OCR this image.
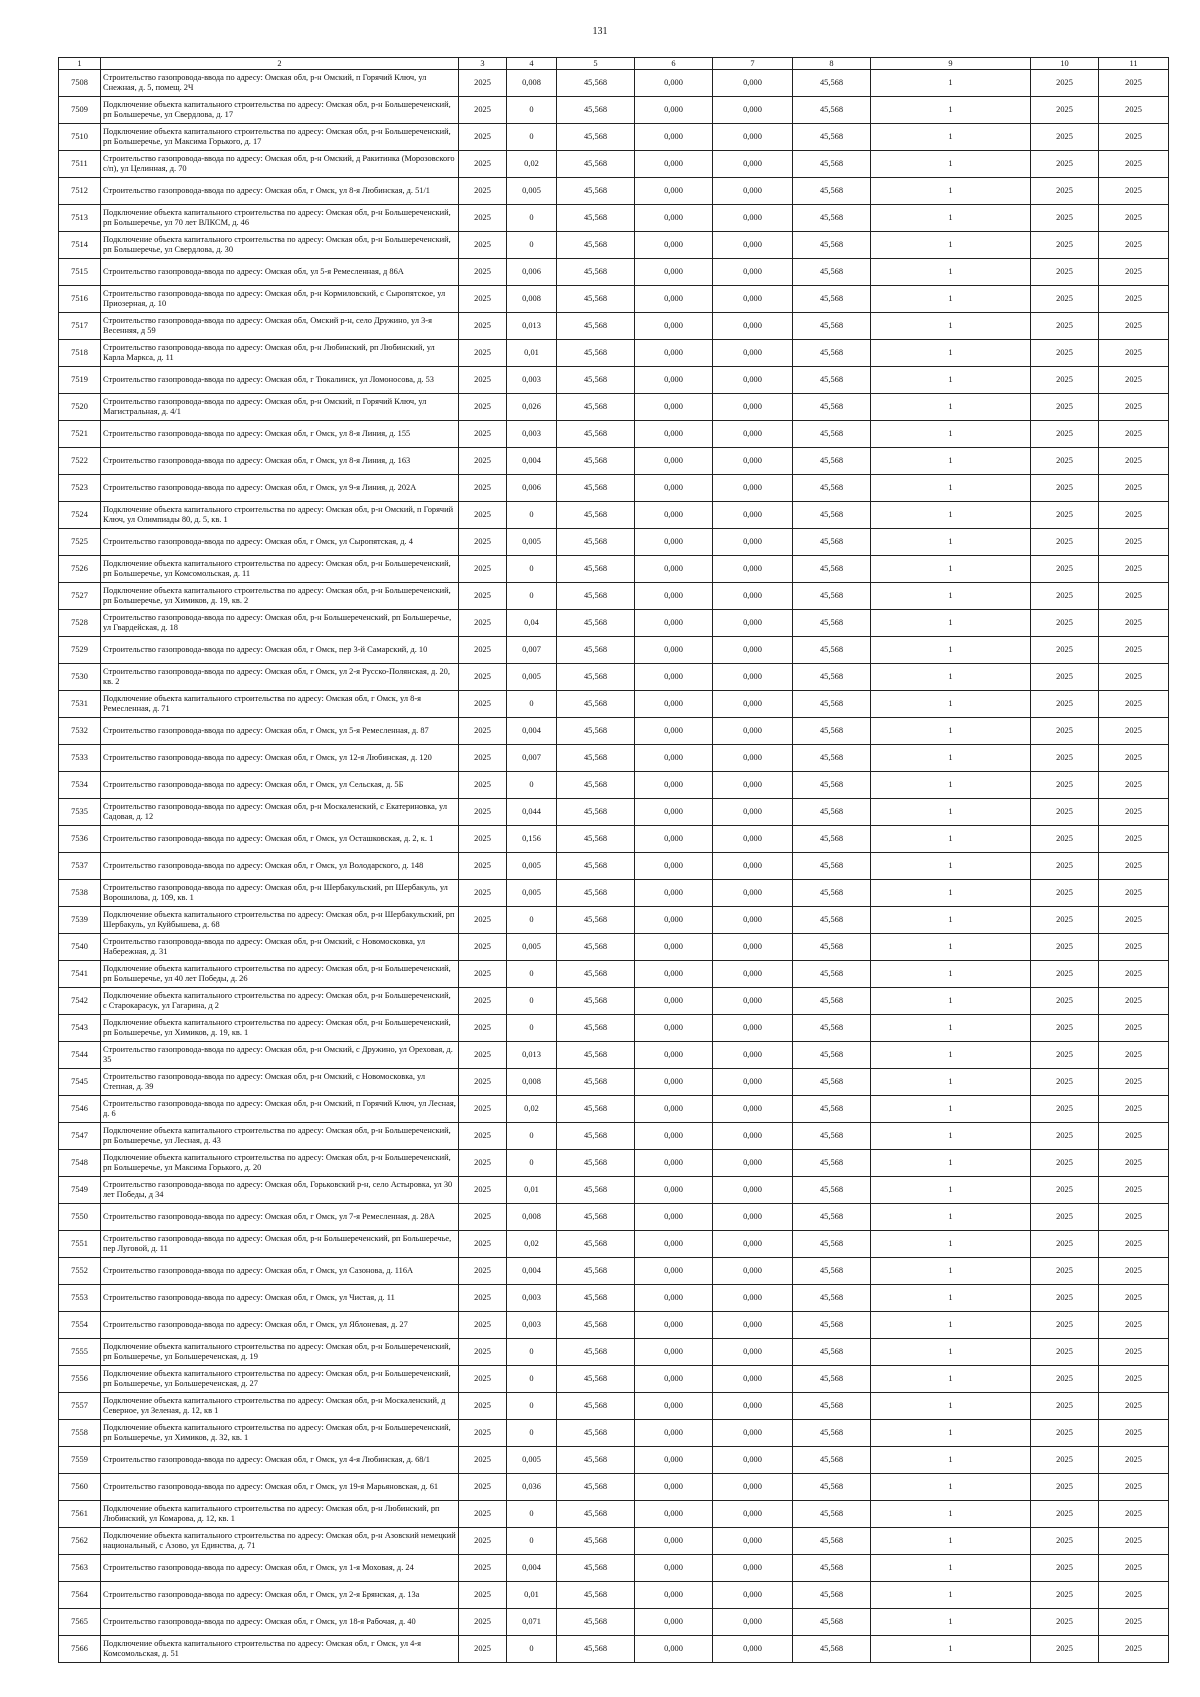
131
1	2	3	4	5	6	7	8	9	10	11
7508	Строительство газопровода-ввода по адресу: Омская обл, р-н Омский, п Горячий Ключ, ул Снежная, д. 5, помещ. 2Ч	2025	0,008	45,568	0,000	0,000	45,568	1	2025	2025
7509	Подключение объекта капитального строительства по адресу: Омская обл, р-н Большереченский, рп Большеречье, ул Свердлова, д. 17	2025	0	45,568	0,000	0,000	45,568	1	2025	2025
7510	Подключение объекта капитального строительства по адресу: Омская обл, р-н Большереченский, рп Большеречье, ул Максима Горького, д. 17	2025	0	45,568	0,000	0,000	45,568	1	2025	2025
7511	Строительство газопровода-ввода по адресу: Омская обл, р-н Омский, д Ракитинка (Морозовского с/п), ул Целинная, д. 70	2025	0,02	45,568	0,000	0,000	45,568	1	2025	2025
7512	Строительство газопровода-ввода по адресу: Омская обл, г Омск, ул 8-я Любинская, д. 51/1	2025	0,005	45,568	0,000	0,000	45,568	1	2025	2025
7513	Подключение объекта капитального строительства по адресу: Омская обл, р-н Большереченский, рп Большеречье, ул 70 лет ВЛКСМ, д. 46	2025	0	45,568	0,000	0,000	45,568	1	2025	2025
7514	Подключение объекта капитального строительства по адресу: Омская обл, р-н Большереченский, рп Большеречье, ул Свердлова, д. 30	2025	0	45,568	0,000	0,000	45,568	1	2025	2025
7515	Строительство газопровода-ввода по адресу: Омская обл, ул 5-я Ремесленная, д 86А	2025	0,006	45,568	0,000	0,000	45,568	1	2025	2025
7516	Строительство газопровода-ввода по адресу: Омская обл, р-н Кормиловский, с Сыропятское, ул Приозерная, д. 10	2025	0,008	45,568	0,000	0,000	45,568	1	2025	2025
7517	Строительство газопровода-ввода по адресу: Омская обл, Омский р-н, село Дружино, ул 3-я Весенняя, д 59	2025	0,013	45,568	0,000	0,000	45,568	1	2025	2025
7518	Строительство газопровода-ввода по адресу: Омская обл, р-н Любинский, рп Любинский, ул Карла Маркса, д. 11	2025	0,01	45,568	0,000	0,000	45,568	1	2025	2025
7519	Строительство газопровода-ввода по адресу: Омская обл, г Тюкалинск, ул Ломоносова, д. 53	2025	0,003	45,568	0,000	0,000	45,568	1	2025	2025
7520	Строительство газопровода-ввода по адресу: Омская обл, р-н Омский, п Горячий Ключ, ул Магистральная, д. 4/1	2025	0,026	45,568	0,000	0,000	45,568	1	2025	2025
7521	Строительство газопровода-ввода по адресу: Омская обл, г Омск, ул 8-я Линия, д. 155	2025	0,003	45,568	0,000	0,000	45,568	1	2025	2025
7522	Строительство газопровода-ввода по адресу: Омская обл, г Омск, ул 8-я Линия, д. 163	2025	0,004	45,568	0,000	0,000	45,568	1	2025	2025
7523	Строительство газопровода-ввода по адресу: Омская обл, г Омск, ул 9-я Линия, д. 202А	2025	0,006	45,568	0,000	0,000	45,568	1	2025	2025
7524	Подключение объекта капитального строительства по адресу: Омская обл, р-н Омский, п Горячий Ключ, ул Олимпиады 80, д. 5, кв. 1	2025	0	45,568	0,000	0,000	45,568	1	2025	2025
7525	Строительство газопровода-ввода по адресу: Омская обл, г Омск, ул Сыропятская, д. 4	2025	0,005	45,568	0,000	0,000	45,568	1	2025	2025
7526	Подключение объекта капитального строительства по адресу: Омская обл, р-н Большереченский, рп Большеречье, ул Комсомольская, д. 11	2025	0	45,568	0,000	0,000	45,568	1	2025	2025
7527	Подключение объекта капитального строительства по адресу: Омская обл, р-н Большереченский, рп Большеречье, ул Химиков, д. 19, кв. 2	2025	0	45,568	0,000	0,000	45,568	1	2025	2025
7528	Строительство газопровода-ввода по адресу: Омская обл, р-н Большереченский, рп Большеречье, ул Гвардейская, д. 18	2025	0,04	45,568	0,000	0,000	45,568	1	2025	2025
7529	Строительство газопровода-ввода по адресу: Омская обл, г Омск, пер 3-й Самарский, д. 10	2025	0,007	45,568	0,000	0,000	45,568	1	2025	2025
7530	Строительство газопровода-ввода по адресу: Омская обл, г Омск, ул 2-я Русско-Полянская, д. 20, кв. 2	2025	0,005	45,568	0,000	0,000	45,568	1	2025	2025
7531	Подключение объекта капитального строительства по адресу: Омская обл, г Омск, ул 8-я Ремесленная, д. 71	2025	0	45,568	0,000	0,000	45,568	1	2025	2025
7532	Строительство газопровода-ввода по адресу: Омская обл, г Омск, ул 5-я Ремесленная, д. 87	2025	0,004	45,568	0,000	0,000	45,568	1	2025	2025
7533	Строительство газопровода-ввода по адресу: Омская обл, г Омск, ул 12-я Любинская, д. 120	2025	0,007	45,568	0,000	0,000	45,568	1	2025	2025
7534	Строительство газопровода-ввода по адресу: Омская обл, г Омск, ул Сельская, д. 5Б	2025	0	45,568	0,000	0,000	45,568	1	2025	2025
7535	Строительство газопровода-ввода по адресу: Омская обл, р-н Москаленский, с Екатериновка, ул Садовая, д. 12	2025	0,044	45,568	0,000	0,000	45,568	1	2025	2025
7536	Строительство газопровода-ввода по адресу: Омская обл, г Омск, ул Осташковская, д. 2, к. 1	2025	0,156	45,568	0,000	0,000	45,568	1	2025	2025
7537	Строительство газопровода-ввода по адресу: Омская обл, г Омск, ул Володарского, д. 148	2025	0,005	45,568	0,000	0,000	45,568	1	2025	2025
7538	Строительство газопровода-ввода по адресу: Омская обл, р-н Шербакульский, рп Шербакуль, ул Ворошилова, д. 109, кв. 1	2025	0,005	45,568	0,000	0,000	45,568	1	2025	2025
7539	Подключение объекта капитального строительства по адресу: Омская обл, р-н Шербакульский, рп Шербакуль, ул Куйбышева, д. 68	2025	0	45,568	0,000	0,000	45,568	1	2025	2025
7540	Строительство газопровода-ввода по адресу: Омская обл, р-н Омский, с Новомосковка, ул Набережная, д. 31	2025	0,005	45,568	0,000	0,000	45,568	1	2025	2025
7541	Подключение объекта капитального строительства по адресу: Омская обл, р-н Большереченский, рп Большеречье, ул 40 лет Победы, д. 26	2025	0	45,568	0,000	0,000	45,568	1	2025	2025
7542	Подключение объекта капитального строительства по адресу: Омская обл, р-н Большереченский, с Старокарасук, ул Гагарина, д 2	2025	0	45,568	0,000	0,000	45,568	1	2025	2025
7543	Подключение объекта капитального строительства по адресу: Омская обл, р-н Большереченский, рп Большеречье, ул Химиков, д. 19, кв. 1	2025	0	45,568	0,000	0,000	45,568	1	2025	2025
7544	Строительство газопровода-ввода по адресу: Омская обл, р-н Омский, с Дружино, ул Ореховая, д. 35	2025	0,013	45,568	0,000	0,000	45,568	1	2025	2025
7545	Строительство газопровода-ввода по адресу: Омская обл, р-н Омский, с Новомосковка, ул Степная, д. 39	2025	0,008	45,568	0,000	0,000	45,568	1	2025	2025
7546	Строительство газопровода-ввода по адресу: Омская обл, р-н Омский, п Горячий Ключ, ул Лесная, д. 6	2025	0,02	45,568	0,000	0,000	45,568	1	2025	2025
7547	Подключение объекта капитального строительства по адресу: Омская обл, р-н Большереченский, рп Большеречье, ул Лесная, д. 43	2025	0	45,568	0,000	0,000	45,568	1	2025	2025
7548	Подключение объекта капитального строительства по адресу: Омская обл, р-н Большереченский, рп Большеречье, ул Максима Горького, д. 20	2025	0	45,568	0,000	0,000	45,568	1	2025	2025
7549	Строительство газопровода-ввода по адресу: Омская обл, Горьковский р-н, село Астыровка, ул 30 лет Победы, д 34	2025	0,01	45,568	0,000	0,000	45,568	1	2025	2025
7550	Строительство газопровода-ввода по адресу: Омская обл, г Омск, ул 7-я Ремесленная, д. 28А	2025	0,008	45,568	0,000	0,000	45,568	1	2025	2025
7551	Строительство газопровода-ввода по адресу: Омская обл, р-н Большереченский, рп Большеречье, пер Луговой, д. 11	2025	0,02	45,568	0,000	0,000	45,568	1	2025	2025
7552	Строительство газопровода-ввода по адресу: Омская обл, г Омск, ул Сазонова, д. 116А	2025	0,004	45,568	0,000	0,000	45,568	1	2025	2025
7553	Строительство газопровода-ввода по адресу: Омская обл, г Омск, ул Чистая, д. 11	2025	0,003	45,568	0,000	0,000	45,568	1	2025	2025
7554	Строительство газопровода-ввода по адресу: Омская обл, г Омск, ул Яблоневая, д. 27	2025	0,003	45,568	0,000	0,000	45,568	1	2025	2025
7555	Подключение объекта капитального строительства по адресу: Омская обл, р-н Большереченский, рп Большеречье, ул Большереченская, д. 19	2025	0	45,568	0,000	0,000	45,568	1	2025	2025
7556	Подключение объекта капитального строительства по адресу: Омская обл, р-н Большереченский, рп Большеречье, ул Большереченская, д. 27	2025	0	45,568	0,000	0,000	45,568	1	2025	2025
7557	Подключение объекта капитального строительства по адресу: Омская обл, р-н Москаленский, д Северное, ул Зеленая, д. 12, кв 1	2025	0	45,568	0,000	0,000	45,568	1	2025	2025
7558	Подключение объекта капитального строительства по адресу: Омская обл, р-н Большереченский, рп Большеречье, ул Химиков, д. 32, кв. 1	2025	0	45,568	0,000	0,000	45,568	1	2025	2025
7559	Строительство газопровода-ввода по адресу: Омская обл, г Омск, ул 4-я Любинская, д. 68/1	2025	0,005	45,568	0,000	0,000	45,568	1	2025	2025
7560	Строительство газопровода-ввода по адресу: Омская обл, г Омск, ул 19-я Марьяновская, д. 61	2025	0,036	45,568	0,000	0,000	45,568	1	2025	2025
7561	Подключение объекта капитального строительства по адресу: Омская обл, р-н Любинский, рп Любинский, ул Комарова, д. 12, кв. 1	2025	0	45,568	0,000	0,000	45,568	1	2025	2025
7562	Подключение объекта капитального строительства по адресу: Омская обл, р-н Азовский немецкий национальный, с Азово, ул Единства, д. 71	2025	0	45,568	0,000	0,000	45,568	1	2025	2025
7563	Строительство газопровода-ввода по адресу: Омская обл, г Омск, ул 1-я Моховая, д. 24	2025	0,004	45,568	0,000	0,000	45,568	1	2025	2025
7564	Строительство газопровода-ввода по адресу: Омская обл, г Омск, ул 2-я Брянская, д. 13а	2025	0,01	45,568	0,000	0,000	45,568	1	2025	2025
7565	Строительство газопровода-ввода по адресу: Омская обл, г Омск, ул 18-я Рабочая, д. 40	2025	0,071	45,568	0,000	0,000	45,568	1	2025	2025
7566	Подключение объекта капитального строительства по адресу: Омская обл, г Омск, ул 4-я Комсомольская, д. 51	2025	0	45,568	0,000	0,000	45,568	1	2025	2025
